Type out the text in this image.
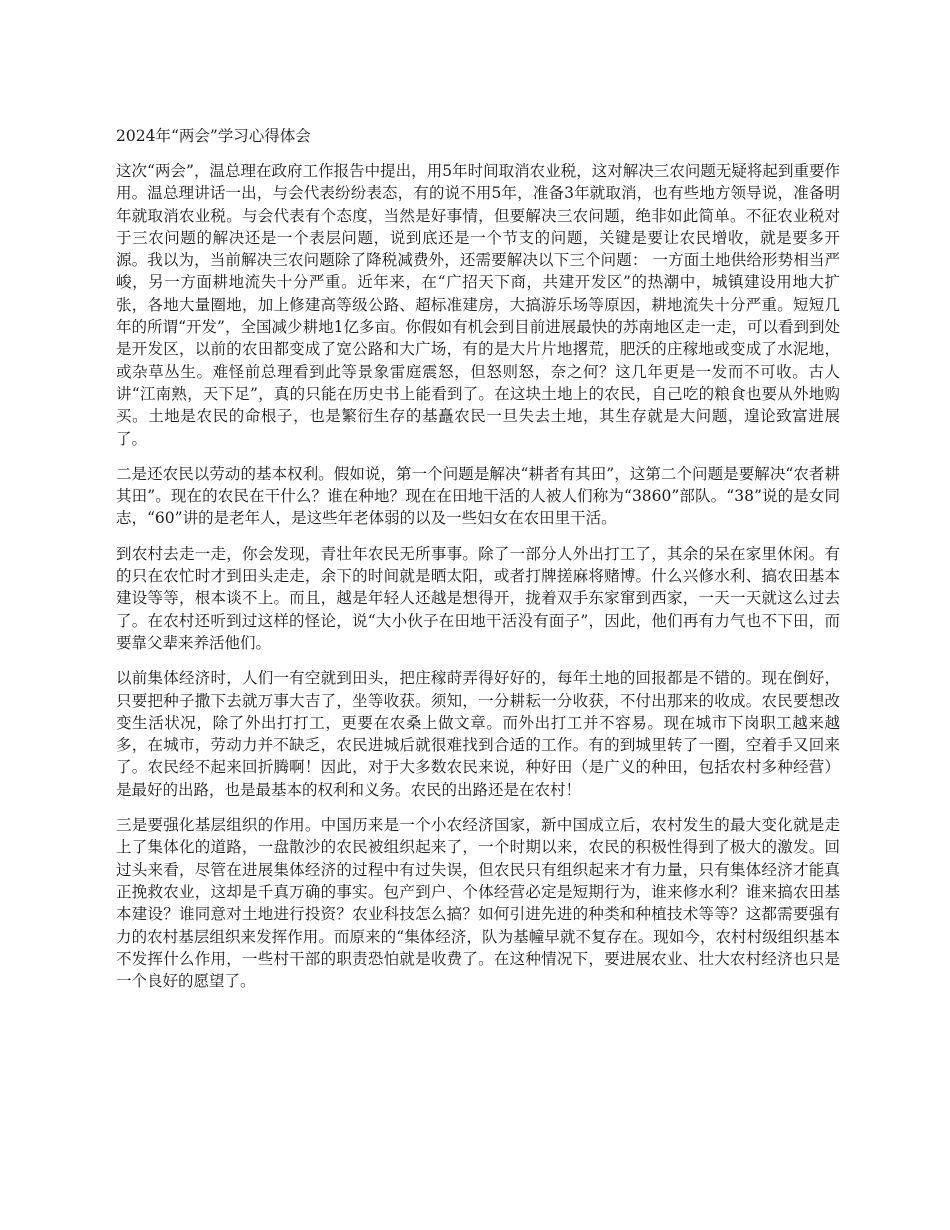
2024年“两会”学习心得体会

这次“两会”，温总理在政府工作报告中提出，用5年时间取消农业税，这对解决三农问题无疑将起到重要作用。温总理讲话一出，与会代表纷纷表态，有的说不用5年，准备3年就取消，也有些地方领导说，准备明年就取消农业税。与会代表有个态度，当然是好事情，但要解决三农问题，绝非如此简单。不征农业税对于三农问题的解决还是一个表层问题，说到底还是一个节支的问题，关键是要让农民增收，就是要多开源。我以为，当前解决三农问题除了降税减费外，还需要解决以下三个问题： 一方面土地供给形势相当严峻，另一方面耕地流失十分严重。近年来，在“广招天下商，共建开发区”的热潮中，城镇建设用地大扩张，各地大量圈地，加上修建高等级公路、超标准建房，大搞游乐场等原因，耕地流失十分严重。短短几年的所谓“开发”，全国减少耕地1亿多亩。你假如有机会到目前进展最快的苏南地区走一走，可以看到到处是开发区，以前的农田都变成了宽公路和大广场，有的是大片片地撂荒，肥沃的庄稼地或变成了水泥地，或杂草丛生。难怪前总理看到此等景象雷庭震怒，但怒则怒，奈之何？这几年更是一发而不可收。古人讲“江南熟，天下足”，真的只能在历史书上能看到了。在这块土地上的农民，自己吃的粮食也要从外地购买。土地是农民的命根子，也是繁衍生存的基矗农民一旦失去土地，其生存就是大问题，遑论致富进展了。

二是还农民以劳动的基本权利。假如说，第一个问题是解决“耕者有其田”，这第二个问题是要解决“农者耕其田”。现在的农民在干什么？谁在种地？现在在田地干活的人被人们称为“3860”部队。“38”说的是女同志，“60”讲的是老年人，是这些年老体弱的以及一些妇女在农田里干活。

到农村去走一走，你会发现，青壮年农民无所事事。除了一部分人外出打工了，其余的呆在家里休闲。有的只在农忙时才到田头走走，余下的时间就是晒太阳，或者打牌搓麻将赌博。什么兴修水利、搞农田基本建设等等，根本谈不上。而且，越是年轻人还越是想得开，拢着双手东家窜到西家，一天一天就这么过去了。在农村还听到过这样的怪论，说“大小伙子在田地干活没有面子”，因此，他们再有力气也不下田，而要靠父辈来养活他们。

以前集体经济时，人们一有空就到田头，把庄稼莳弄得好好的，每年土地的回报都是不错的。现在倒好，只要把种子撒下去就万事大吉了，坐等收获。须知，一分耕耘一分收获，不付出那来的收成。农民要想改变生活状况，除了外出打打工，更要在农桑上做文章。而外出打工并不容易。现在城市下岗职工越来越多，在城市，劳动力并不缺乏，农民进城后就很难找到合适的工作。有的到城里转了一圈，空着手又回来了。农民经不起来回折腾啊！因此，对于大多数农民来说，种好田（是广义的种田，包括农村多种经营）是最好的出路，也是最基本的权利和义务。农民的出路还是在农村！

三是要强化基层组织的作用。中国历来是一个小农经济国家，新中国成立后，农村发生的最大变化就是走上了集体化的道路，一盘散沙的农民被组织起来了，一个时期以来，农民的积极性得到了极大的激发。回过头来看，尽管在进展集体经济的过程中有过失误，但农民只有组织起来才有力量，只有集体经济才能真正挽救农业，这却是千真万确的事实。包产到户、个体经营必定是短期行为，谁来修水利？谁来搞农田基本建设？谁同意对土地进行投资？农业科技怎么搞？如何引进先进的种类和种植技术等等？这都需要强有力的农村基层组织来发挥作用。而原来的“集体经济，队为基幢早就不复存在。现如今，农村村级组织基本不发挥什么作用，一些村干部的职责恐怕就是收费了。在这种情况下，要进展农业、壮大农村经济也只是一个良好的愿望了。
